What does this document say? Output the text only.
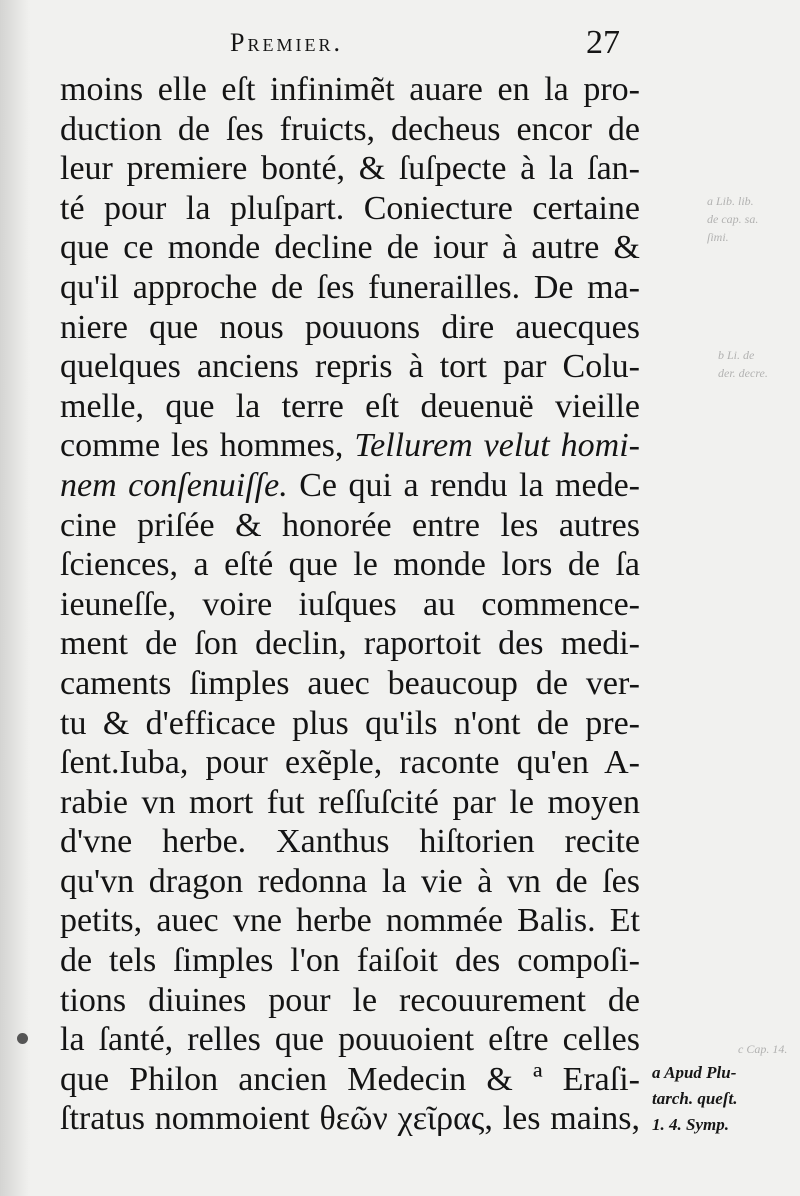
a Lib. lib.
de cap. sa.
ſimi.
b Li. de
der. decre.
c Cap. 14.
Premier.	27
moins elle eſt infinimẽt auare en la pro-
duction de ſes fruicts, decheus encor de
leur premiere bonté, & ſuſpecte à la ſan-
té pour la pluſpart. Coniecture certaine
que ce monde decline de iour à autre &
qu'il approche de ſes funerailles. De ma-
niere que nous pouuons dire auecques
quelques anciens repris à tort par Colu-
melle, que la terre eſt deuenuë vieille
comme les hommes, Tellurem velut homi-
nem conſenuiſſe. Ce qui a rendu la mede-
cine priſée & honorée entre les autres
ſciences, a eſté que le monde lors de ſa
ieuneſſe, voire iuſques au commence-
ment de ſon declin, raportoit des medi-
caments ſimples auec beaucoup de ver-
tu & d'efficace plus qu'ils n'ont de pre-
ſent.Iuba, pour exẽple, raconte qu'en A-
rabie vn mort fut reſſuſcité par le moyen
d'vne herbe. Xanthus hiſtorien recite
qu'vn dragon redonna la vie à vn de ſes
petits, auec vne herbe nommée Balis. Et
de tels ſimples l'on faiſoit des compoſi-
tions diuines pour le recouurement de
la ſanté, relles que pouuoient eſtre celles
que Philon ancien Medecin & ª Eraſi-
ſtratus nommoient θεῶν χεῖρας, les mains,
a Apud Plu-
tarch. queſt.
1. 4. Symp.
